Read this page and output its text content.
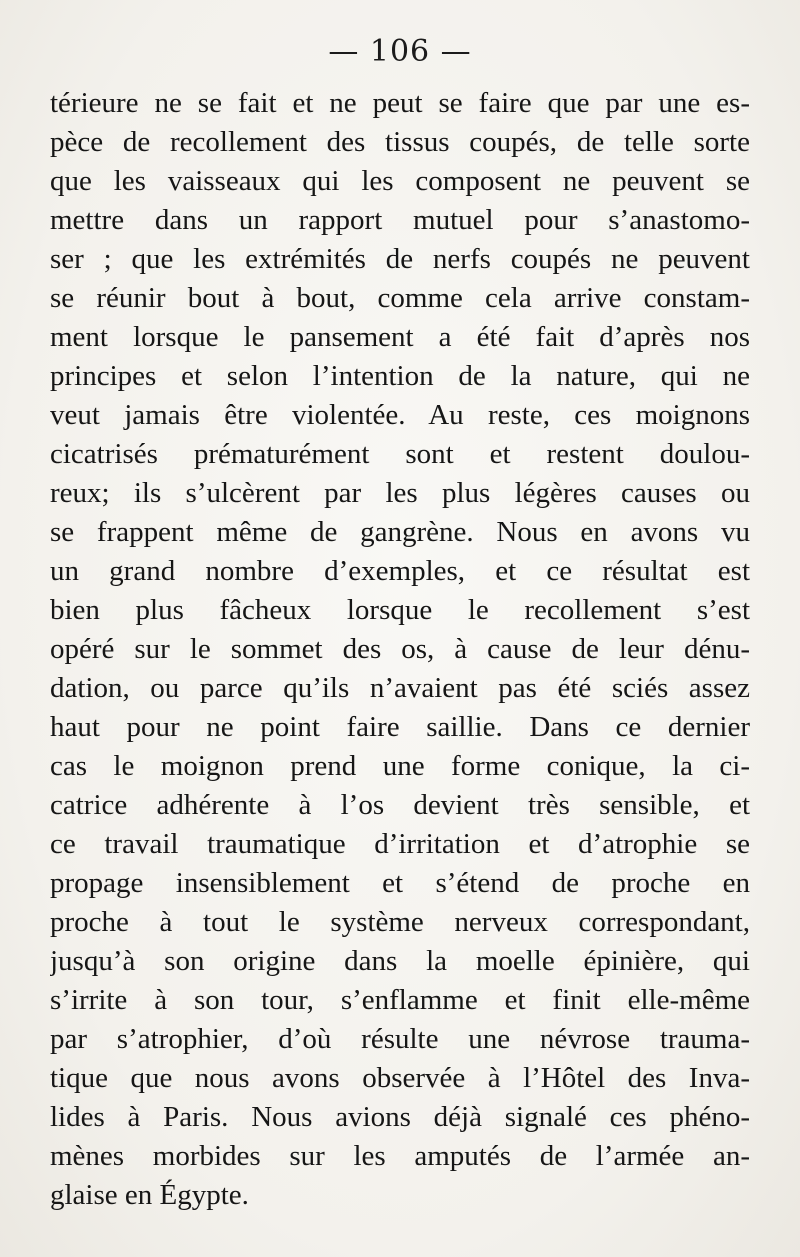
— 106 —
térieure ne se fait et ne peut se faire que par une es-
pèce de recollement des tissus coupés, de telle sorte
que les vaisseaux qui les composent ne peuvent se
mettre dans un rapport mutuel pour s’anastomo-
ser ; que les extrémités de nerfs coupés ne peuvent
se réunir bout à bout, comme cela arrive constam-
ment lorsque le pansement a été fait d’après nos
principes et selon l’intention de la nature, qui ne
veut jamais être violentée. Au reste, ces moignons
cicatrisés prématurément sont et restent doulou-
reux; ils s’ulcèrent par les plus légères causes ou
se frappent même de gangrène. Nous en avons vu
un grand nombre d’exemples, et ce résultat est
bien plus fâcheux lorsque le recollement s’est
opéré sur le sommet des os, à cause de leur dénu-
dation, ou parce qu’ils n’avaient pas été sciés assez
haut pour ne point faire saillie. Dans ce dernier
cas le moignon prend une forme conique, la ci-
catrice adhérente à l’os devient très sensible, et
ce travail traumatique d’irritation et d’atrophie se
propage insensiblement et s’étend de proche en
proche à tout le système nerveux correspondant,
jusqu’à son origine dans la moelle épinière, qui
s’irrite à son tour, s’enflamme et finit elle-même
par s’atrophier, d’où résulte une névrose trauma-
tique que nous avons observée à l’Hôtel des Inva-
lides à Paris. Nous avions déjà signalé ces phéno-
mènes morbides sur les amputés de l’armée an-
glaise en Égypte.
